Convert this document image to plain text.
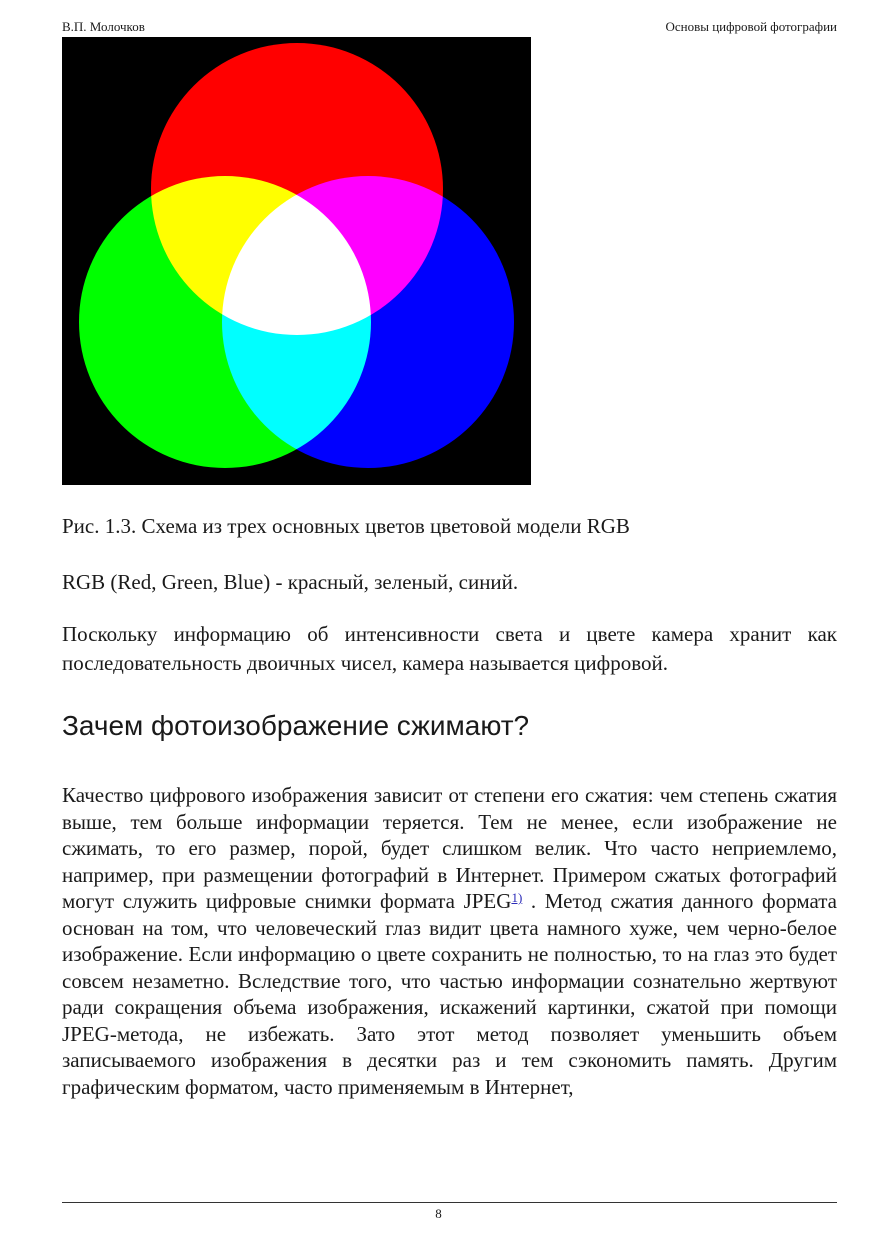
В.П. Молочков	Основы цифровой фотографии
Рис. 1.3. Схема из трех основных цветов цветовой модели RGB
RGB (Red, Green, Blue) - красный, зеленый, синий.
Поскольку информацию об интенсивности света и цвете камера хранит как последовательность двоичных чисел, камера называется цифровой.
Зачем фотоизображение сжимают?

Качество цифрового изображения зависит от степени его сжатия: чем степень сжатия выше, тем больше информации теряется. Тем не менее, если изображение не сжимать, то его размер, порой, будет слишком велик. Что часто неприемлемо, например, при размещении фотографий в Интернет. Примером сжатых фотографий могут служить цифровые снимки формата JPEG$^{1)}$ . Метод сжатия данного формата основан на том, что человеческий глаз видит цвета намного хуже, чем черно-белое изображение. Если информацию о цвете сохранить не полностью, то на глаз это будет совсем незаметно. Вследствие того, что частью информации сознательно жертвуют ради сокращения объема изображения, искажений картинки, сжатой при помощи JPEG-метода, не избежать. Зато этот метод позволяет уменьшить объем записываемого изображения в десятки раз и тем сэкономить память. Другим графическим форматом, часто применяемым в Интернет,

8
